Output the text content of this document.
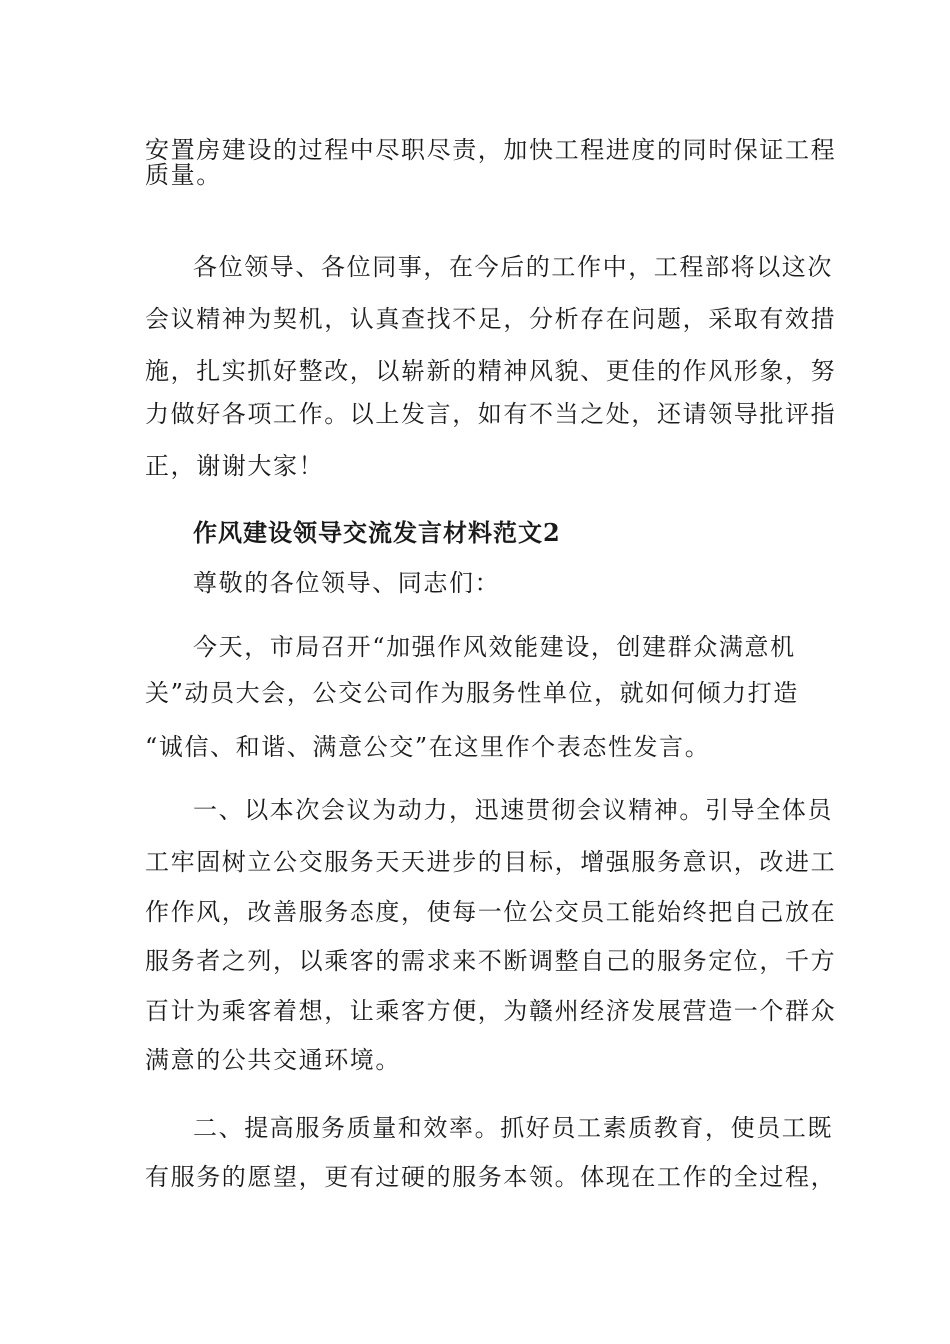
安置房建设的过程中尽职尽责，加快工程进度的同时保证工程
质量。
各位领导、各位同事，在今后的工作中，工程部将以这次
会议精神为契机，认真查找不足，分析存在问题，采取有效措
施，扎实抓好整改，以崭新的精神风貌、更佳的作风形象，努
力做好各项工作。以上发言，如有不当之处，还请领导批评指
正，谢谢大家！
作风建设领导交流发言材料范文2
尊敬的各位领导、同志们：
今天，市局召开“加强作风效能建设，创建群众满意机
关”动员大会，公交公司作为服务性单位，就如何倾力打造
“诚信、和谐、满意公交”在这里作个表态性发言。
一、以本次会议为动力，迅速贯彻会议精神。引导全体员
工牢固树立公交服务天天进步的目标，增强服务意识，改进工
作作风，改善服务态度，使每一位公交员工能始终把自己放在
服务者之列，以乘客的需求来不断调整自己的服务定位，千方
百计为乘客着想，让乘客方便，为赣州经济发展营造一个群众
满意的公共交通环境。
二、提高服务质量和效率。抓好员工素质教育，使员工既
有服务的愿望，更有过硬的服务本领。体现在工作的全过程，
